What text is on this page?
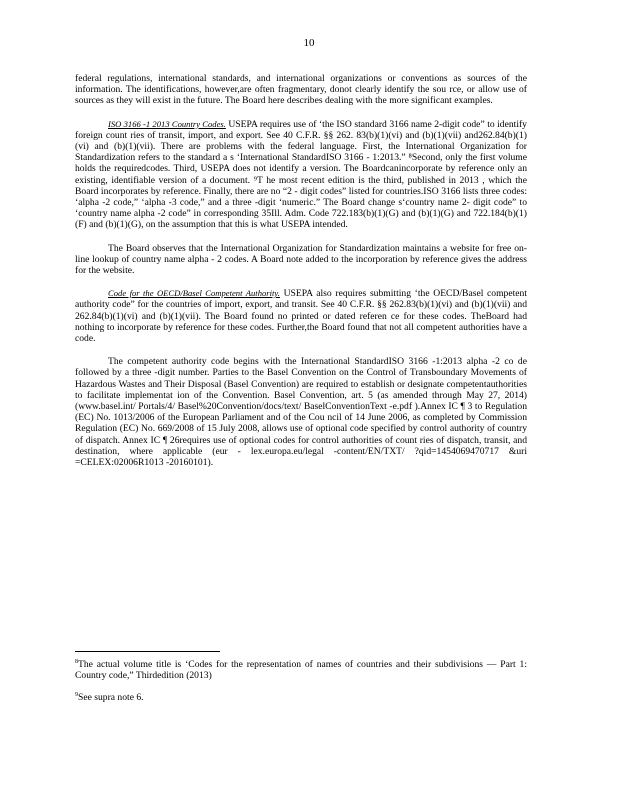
10

federal regulations, international standards, and international organizations or conventions as sources of the information. The identifications, however,are often fragmentary, donot clearly identify the sou rce, or allow use of sources as they will exist in the future. The Board here describes dealing with the more significant examples.

ISO 3166 -1 2013 Country Codes. USEPA requires use of ‘the ISO standard 3166 name 2-digit code” to identify foreign count ries of transit, import, and export. See 40 C.F.R. §§ 262. 83(b)(1)(vi) and (b)(1)(vii) and262.84(b)(1)(vi) and (b)(1)(vii). There are problems with the federal language. First, the International Organization for Standardization refers to the standard a s ‘International StandardISO 3166 - 1:2013.” ⁸Second, only the first volume holds the requiredcodes. Third, USEPA does not identify a version. The Boardcanincorporate by reference only an existing, identifiable version of a document. ⁹T he most recent edition is the third, published in 2013 , which the Board incorporates by reference. Finally, there are no “2 - digit codes” listed for countries.ISO 3166 lists three codes: ‘alpha -2 code,” ‘alpha -3 code,” and a three -digit ‘numeric.” The Board change s‘country name 2- digit code” to ‘country name alpha -2 code” in corresponding 35Ill. Adm. Code 722.183(b)(1)(G) and (b)(1)(G) and 722.184(b)(1)(F) and (b)(1)(G), on the assumption that this is what USEPA intended.

The Board observes that the International Organization for Standardization maintains a website for free on-line lookup of country name alpha - 2 codes. A Board note added to the incorporation by reference gives the address for the website.

Code for the OECD/Basel Competent Authority. USEPA also requires submitting ‘the OECD/Basel competent authority code” for the countries of import, export, and transit. See 40 C.F.R. §§ 262.83(b)(1)(vi) and (b)(1)(vii) and 262.84(b)(1)(vi) and (b)(1)(vii). The Board found no printed or dated referen ce for these codes. TheBoard had nothing to incorporate by reference for these codes. Further,the Board found that not all competent authorities have a code.

The competent authority code begins with the International StandardISO 3166 -1:2013 alpha -2 co de followed by a three -digit number. Parties to the Basel Convention on the Control of Transboundary Movements of Hazardous Wastes and Their Disposal (Basel Convention) are required to establish or designate competentauthorities to facilitate implementat ion of the Convention. Basel Convention, art. 5 (as amended through May 27, 2014) (www.basel.int/ Portals/4/ Basel%20Convention/docs/text/ BaselConventionText -e.pdf ).Annex IC ¶ 3 to Regulation (EC) No. 1013/2006 of the European Parliament and of the Cou ncil of 14 June 2006, as completed by Commission Regulation (EC) No. 669/2008 of 15 July 2008, allows use of optional code specified by control authority of country of dispatch. Annex IC ¶ 26requires use of optional codes for control authorities of count ries of dispatch, transit, and destination, where applicable (eur - lex.europa.eu/legal -content/EN/TXT/ ?qid=1454069470717 &uri =CELEX:02006R1013 -20160101).

$^8$The actual volume title is ‘Codes for the representation of names of countries and their subdivisions — Part 1: Country code,” Thirdedition (2013)

$^9$See supra note 6.
